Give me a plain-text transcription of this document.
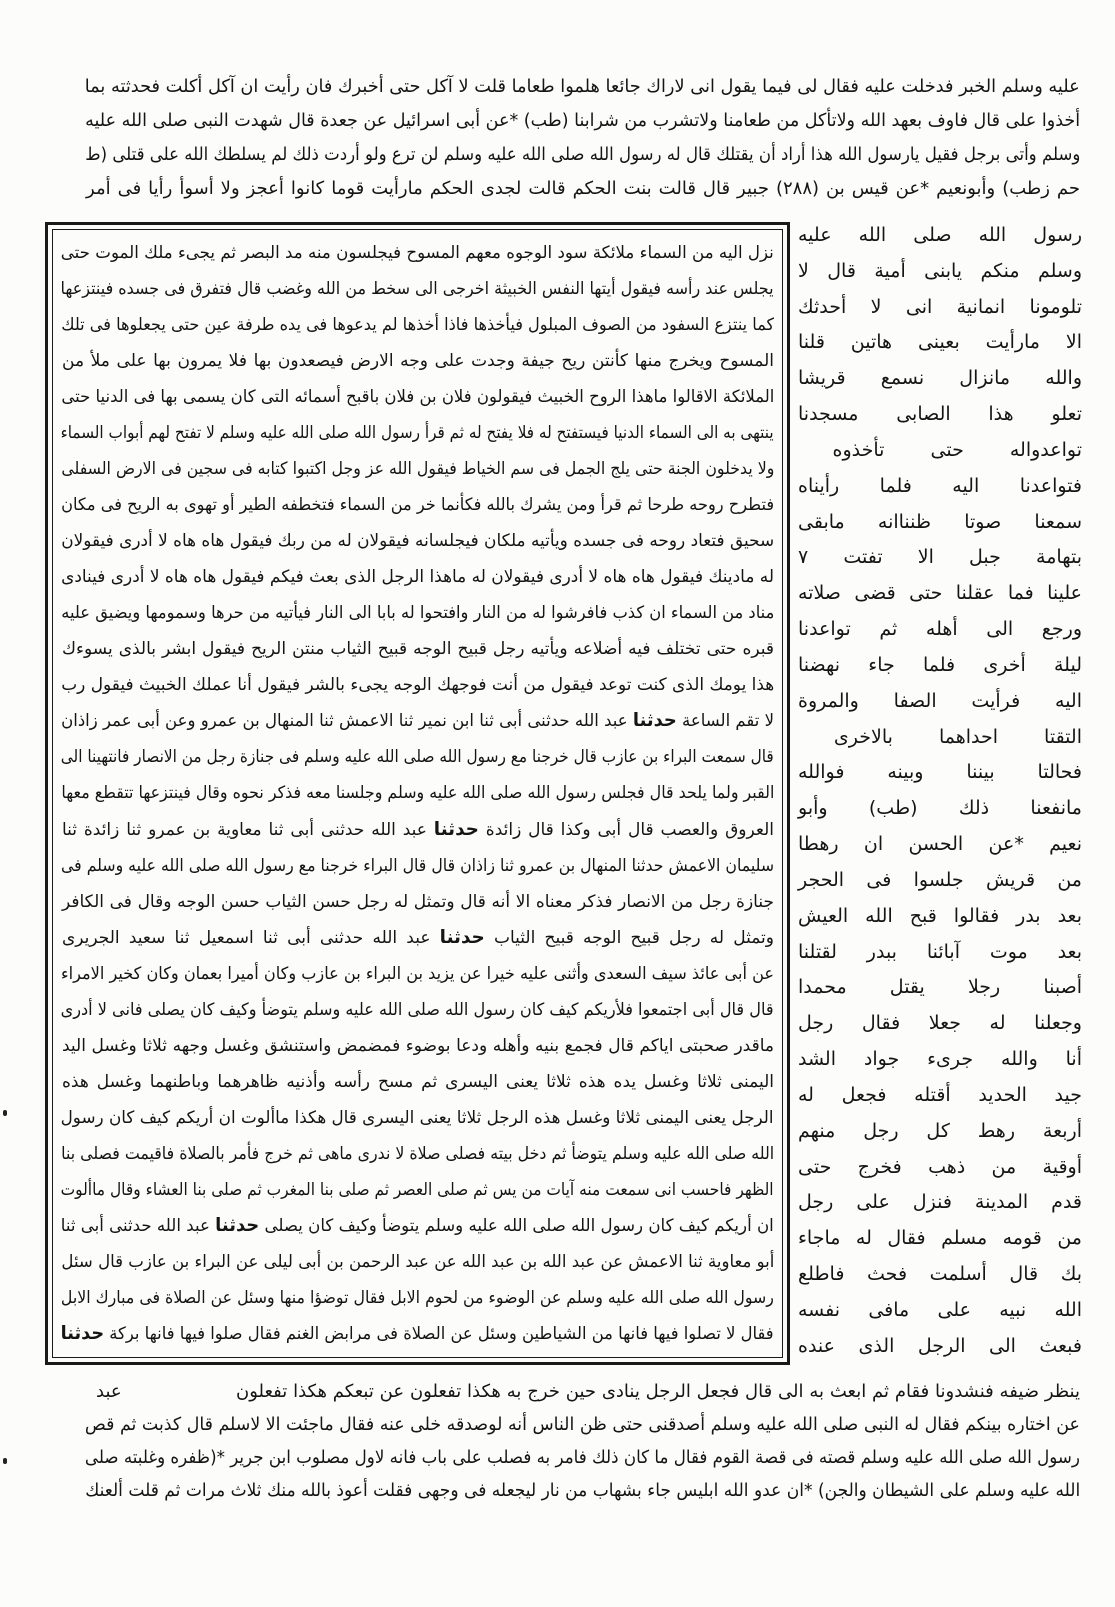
عليه وسلم الخبر فدخلت عليه فقال لى فيما يقول انى لاراك جائعا هلموا طعاما قلت لا آكل حتى أخبرك فان رأيت ان آكل أكلت فحدثته بما
أخذوا على قال فاوف بعهد الله ولاتأكل من طعامنا ولاتشرب من شرابنا (طب) *عن أبى اسرائيل عن جعدة قال شهدت النبى صلى الله عليه
وسلم وأتى برجل فقيل يارسول الله هذا أراد أن يقتلك قال له رسول الله صلى الله عليه وسلم لن ترع ولو أردت ذلك لم يسلطك الله على قتلى (ط
حم زطب) وأبونعيم *عن قيس بن (٢٨٨) جبير قال قالت بنت الحكم قالت لجدى الحكم مارأيت قوما كانوا أعجز ولا أسوأ رأيا فى أمر
نزل اليه من السماء ملائكة سود الوجوه معهم المسوح فيجلسون منه مد البصر ثم يجىء ملك الموت حتى
يجلس عند رأسه فيقول أيتها النفس الخبيثة اخرجى الى سخط من الله وغضب قال فتفرق فى جسده فينتزعها
كما ينتزع السفود من الصوف المبلول فيأخذها فاذا أخذها لم يدعوها فى يده طرفة عين حتى يجعلوها فى تلك
المسوح ويخرج منها كأنتن ريح جيفة وجدت على وجه الارض فيصعدون بها فلا يمرون بها على ملأ من
الملائكة الاقالوا ماهذا الروح الخبيث فيقولون فلان بن فلان باقبح أسمائه التى كان يسمى بها فى الدنيا حتى
ينتهى به الى السماء الدنيا فيستفتح له فلا يفتح له ثم قرأ رسول الله صلى الله عليه وسلم لا تفتح لهم أبواب السماء
ولا يدخلون الجنة حتى يلج الجمل فى سم الخياط فيقول الله عز وجل اكتبوا كتابه فى سجين فى الارض السفلى
فتطرح روحه طرحا ثم قرأ ومن يشرك بالله فكأنما خر من السماء فتخطفه الطير أو تهوى به الريح فى مكان
سحيق فتعاد روحه فى جسده ويأتيه ملكان فيجلسانه فيقولان له من ربك فيقول هاه هاه لا أدرى فيقولان
له مادينك فيقول هاه هاه لا أدرى فيقولان له ماهذا الرجل الذى بعث فيكم فيقول هاه هاه لا أدرى فينادى
مناد من السماء ان كذب فافرشوا له من النار وافتحوا له بابا الى النار فيأتيه من حرها وسمومها ويضيق عليه
قبره حتى تختلف فيه أضلاعه ويأتيه رجل قبيح الوجه قبيح الثياب منتن الريح فيقول ابشر بالذى يسوءك
هذا يومك الذى كنت توعد فيقول من أنت فوجهك الوجه يجىء بالشر فيقول أنا عملك الخبيث فيقول رب
لا تقم الساعة حدثنا عبد الله حدثنى أبى ثنا ابن نمير ثنا الاعمش ثنا المنهال بن عمرو وعن أبى عمر زاذان
قال سمعت البراء بن عازب قال خرجنا مع رسول الله صلى الله عليه وسلم فى جنازة رجل من الانصار فانتهينا الى
القبر ولما يلحد قال فجلس رسول الله صلى الله عليه وسلم وجلسنا معه فذكر نحوه وقال فينتزعها تتقطع معها
العروق والعصب قال أبى وكذا قال زائدة حدثنا عبد الله حدثنى أبى ثنا معاوية بن عمرو ثنا زائدة ثنا
سليمان الاعمش حدثنا المنهال بن عمرو ثنا زاذان قال قال البراء خرجنا مع رسول الله صلى الله عليه وسلم فى
جنازة رجل من الانصار فذكر معناه الا أنه قال وتمثل له رجل حسن الثياب حسن الوجه وقال فى الكافر
وتمثل له رجل قبيح الوجه قبيح الثياب حدثنا عبد الله حدثنى أبى ثنا اسمعيل ثنا سعيد الجريرى
عن أبى عائذ سيف السعدى وأثنى عليه خيرا عن يزيد بن البراء بن عازب وكان أميرا بعمان وكان كخير الامراء
قال قال أبى اجتمعوا فلأريكم كيف كان رسول الله صلى الله عليه وسلم يتوضأ وكيف كان يصلى فانى لا أدرى
ماقدر صحبتى اياكم قال فجمع بنيه وأهله ودعا بوضوء فمضمض واستنشق وغسل وجهه ثلاثا وغسل اليد
اليمنى ثلاثا وغسل يده هذه ثلاثا يعنى اليسرى ثم مسح رأسه وأذنيه ظاهرهما وباطنهما وغسل هذه
الرجل يعنى اليمنى ثلاثا وغسل هذه الرجل ثلاثا يعنى اليسرى قال هكذا ماألوت ان أريكم كيف كان رسول
الله صلى الله عليه وسلم يتوضأ ثم دخل بيته فصلى صلاة لا ندرى ماهى ثم خرج فأمر بالصلاة فاقيمت فصلى بنا
الظهر فاحسب انى سمعت منه آيات من يس ثم صلى العصر ثم صلى بنا المغرب ثم صلى بنا العشاء وقال ماألوت
ان أريكم كيف كان رسول الله صلى الله عليه وسلم يتوضأ وكيف كان يصلى حدثنا عبد الله حدثنى أبى ثنا
أبو معاوية ثنا الاعمش عن عبد الله بن عبد الله عن عبد الرحمن بن أبى ليلى عن البراء بن عازب قال سئل
رسول الله صلى الله عليه وسلم عن الوضوء من لحوم الابل فقال توضؤا منها وسئل عن الصلاة فى مبارك الابل
فقال لا تصلوا فيها فانها من الشياطين وسئل عن الصلاة فى مرابض الغنم فقال صلوا فيها فانها بركة حدثنا
رسول الله صلى الله عليه
وسلم منكم يابنى أمية قال لا
تلومونا انمانية انى لا أحدثك
الا مارأيت بعينى هاتين قلنا
والله مانزال نسمع قريشا
تعلو هذا الصابى مسجدنا
تواعدواله حتى تأخذوه
فتواعدنا اليه فلما رأيناه
سمعنا صوتا ظنناانه مابقى
بتهامة جبل الا تفتت ٧
علينا فما عقلنا حتى قضى صلاته
ورجع الى أهله ثم تواعدنا
ليلة أخرى فلما جاء نهضنا
اليه فرأيت الصفا والمروة
التقتا احداهما بالاخرى
فحالتا بيننا وبينه فوالله
مانفعنا ذلك (طب) وأبو
نعيم *عن الحسن ان رهطا
من قريش جلسوا فى الحجر
بعد بدر فقالوا قبح الله العيش
بعد موت آبائنا ببدر لقتلنا
أصبنا رجلا يقتل محمدا
وجعلنا له جعلا فقال رجل
أنا والله جرىء جواد الشد
جيد الحديد أقتله فجعل له
أربعة رهط كل رجل منهم
أوقية من ذهب فخرج حتى
قدم المدينة فنزل على رجل
من قومه مسلم فقال له ماجاء
بك قال أسلمت فحث فاطلع
الله نبيه على مافى نفسه
فبعث الى الرجل الذى عنده
ينظر ضيفه فنشدونا فقام ثم ابعث به الى قال فجعل الرجل ينادى حين خرج به هكذا تفعلون عن تبعكم هكذا تفعلون
عن اختاره بينكم فقال له النبى صلى الله عليه وسلم أصدقنى حتى ظن الناس أنه لوصدقه خلى عنه فقال ماجئت الا لاسلم قال كذبت ثم قص
رسول الله صلى الله عليه وسلم قصته فى قصة القوم فقال ما كان ذلك فامر به فصلب على باب فانه لاول مصلوب ابن جرير *(ظفره وغلبته صلى
الله عليه وسلم على الشيطان والجن) *ان عدو الله ابليس جاء بشهاب من نار ليجعله فى وجهى فقلت أعوذ بالله منك ثلاث مرات ثم قلت ألعنك
عبد
